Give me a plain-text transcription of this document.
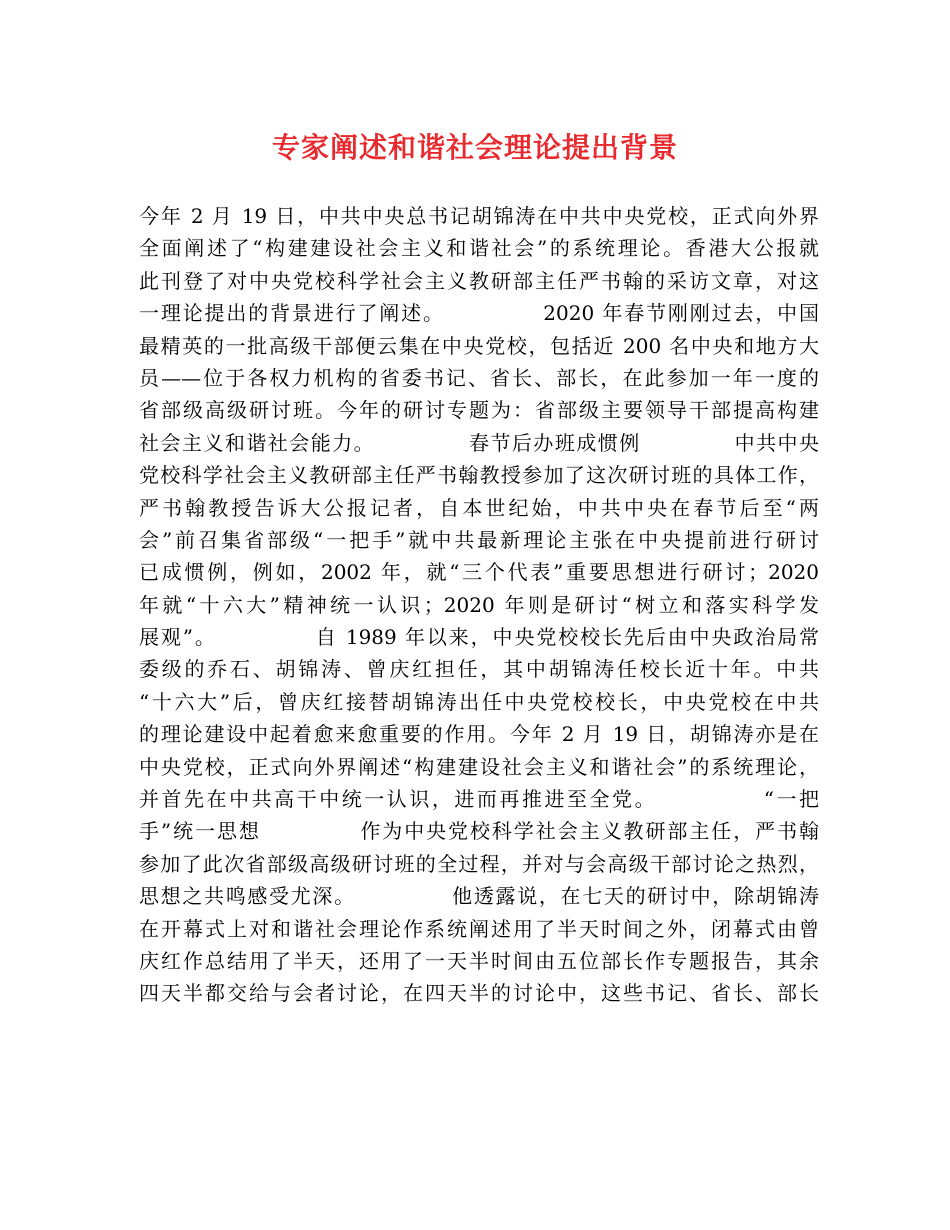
专家阐述和谐社会理论提出背景
今年 2 月 19 日，中共中央总书记胡锦涛在中共中央党校，正式向外界
全面阐述了“构建建设社会主义和谐社会”的系统理论。香港大公报就
此刊登了对中央党校科学社会主义教研部主任严书翰的采访文章，对这
一理论提出的背景进行了阐述。            2020 年春节刚刚过去，中国
最精英的一批高级干部便云集在中央党校，包括近 200 名中央和地方大
员——位于各权力机构的省委书记、省长、部长，在此参加一年一度的
省部级高级研讨班。今年的研讨专题为：省部级主要领导干部提高构建
社会主义和谐社会能力。            春节后办班成惯例            中共中央
党校科学社会主义教研部主任严书翰教授参加了这次研讨班的具体工作，
严书翰教授告诉大公报记者，自本世纪始，中共中央在春节后至“两
会”前召集省部级“一把手”就中共最新理论主张在中央提前进行研讨
已成惯例，例如，2002 年，就“三个代表”重要思想进行研讨；2020
年就“十六大”精神统一认识；2020 年则是研讨“树立和落实科学发
展观”。            自 1989 年以来，中央党校校长先后由中央政治局常
委级的乔石、胡锦涛、曾庆红担任，其中胡锦涛任校长近十年。中共
“十六大”后，曾庆红接替胡锦涛出任中央党校校长，中央党校在中共
的理论建设中起着愈来愈重要的作用。今年 2 月 19 日，胡锦涛亦是在
中央党校，正式向外界阐述“构建建设社会主义和谐社会”的系统理论，
并首先在中共高干中统一认识，进而再推进至全党。            “一把
手”统一思想            作为中央党校科学社会主义教研部主任，严书翰
参加了此次省部级高级研讨班的全过程，并对与会高级干部讨论之热烈，
思想之共鸣感受尤深。            他透露说，在七天的研讨中，除胡锦涛
在开幕式上对和谐社会理论作系统阐述用了半天时间之外，闭幕式由曾
庆红作总结用了半天，还用了一天半时间由五位部长作专题报告，其余
四天半都交给与会者讨论，在四天半的讨论中，这些书记、省长、部长
